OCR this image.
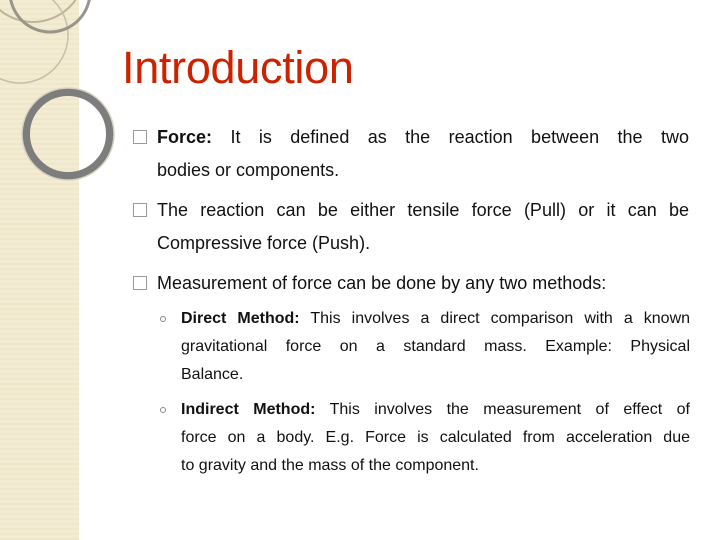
Introduction

Force: It is defined as the reaction between the two
bodies or components.

The reaction can be either tensile force (Pull) or it can be
Compressive force (Push).

Measurement of force can be done by any two methods:

Direct Method: This involves a direct comparison with a known
gravitational force on a standard mass. Example: Physical
Balance.

Indirect Method: This involves the measurement of effect of
force on a body. E.g. Force is calculated from acceleration due
to gravity and the mass of the component.
